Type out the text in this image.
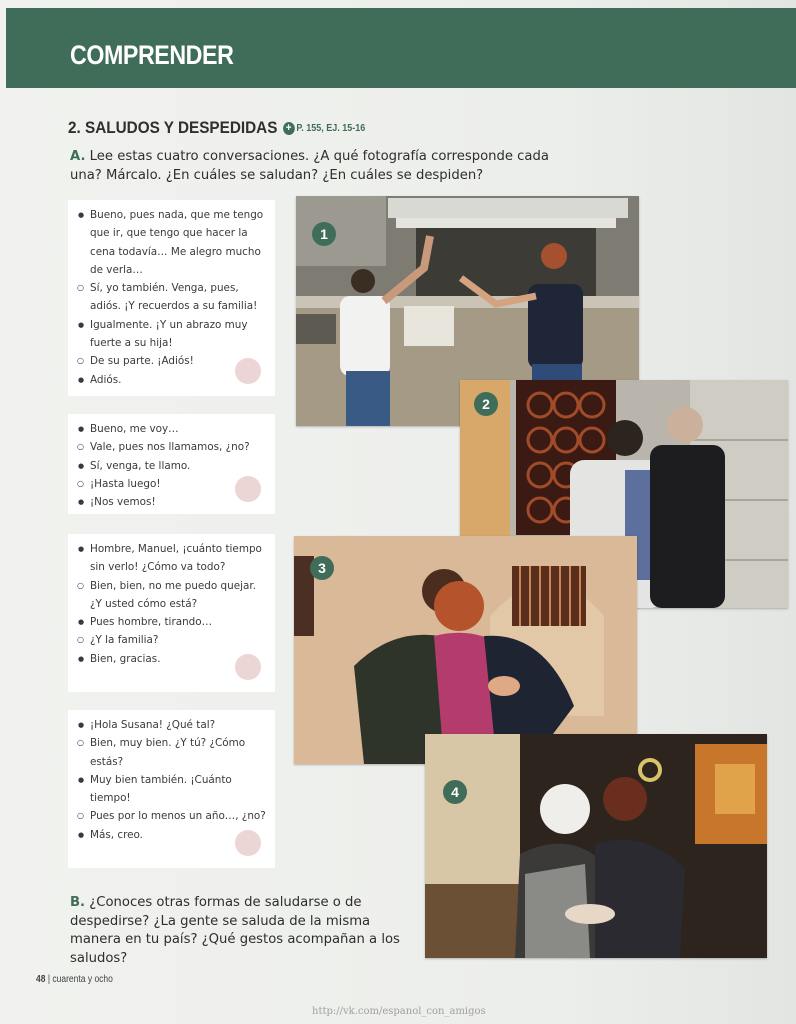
COMPRENDER
2. SALUDOS Y DESPEDIDAS + P. 155, EJ. 15-16
A. Lee estas cuatro conversaciones. ¿A qué fotografía corresponde cada una? Márcalo. ¿En cuáles se saludan? ¿En cuáles se despiden?
● Bueno, pues nada, que me tengo que ir, que tengo que hacer la cena todavía… Me alegro mucho de verla…
○ Sí, yo también. Venga, pues, adiós. ¡Y recuerdos a su familia!
● Igualmente. ¡Y un abrazo muy fuerte a su hija!
○ De su parte. ¡Adiós!
● Adiós.
● Bueno, me voy…
○ Vale, pues nos llamamos, ¿no?
● Sí, venga, te llamo.
○ ¡Hasta luego!
● ¡Nos vemos!
● Hombre, Manuel, ¡cuánto tiempo sin verlo! ¿Cómo va todo?
○ Bien, bien, no me puedo quejar. ¿Y usted cómo está?
● Pues hombre, tirando…
○ ¿Y la familia?
● Bien, gracias.
● ¡Hola Susana! ¿Qué tal?
○ Bien, muy bien. ¿Y tú? ¿Cómo estás?
● Muy bien también. ¡Cuánto tiempo!
○ Pues por lo menos un año…, ¿no?
● Más, creo.
1
2
3
4
B. ¿Conoces otras formas de saludarse o de despedirse? ¿La gente se saluda de la misma manera en tu país? ¿Qué gestos acompañan a los saludos?
48 | cuarenta y ocho
http://vk.com/espanol_con_amigos
